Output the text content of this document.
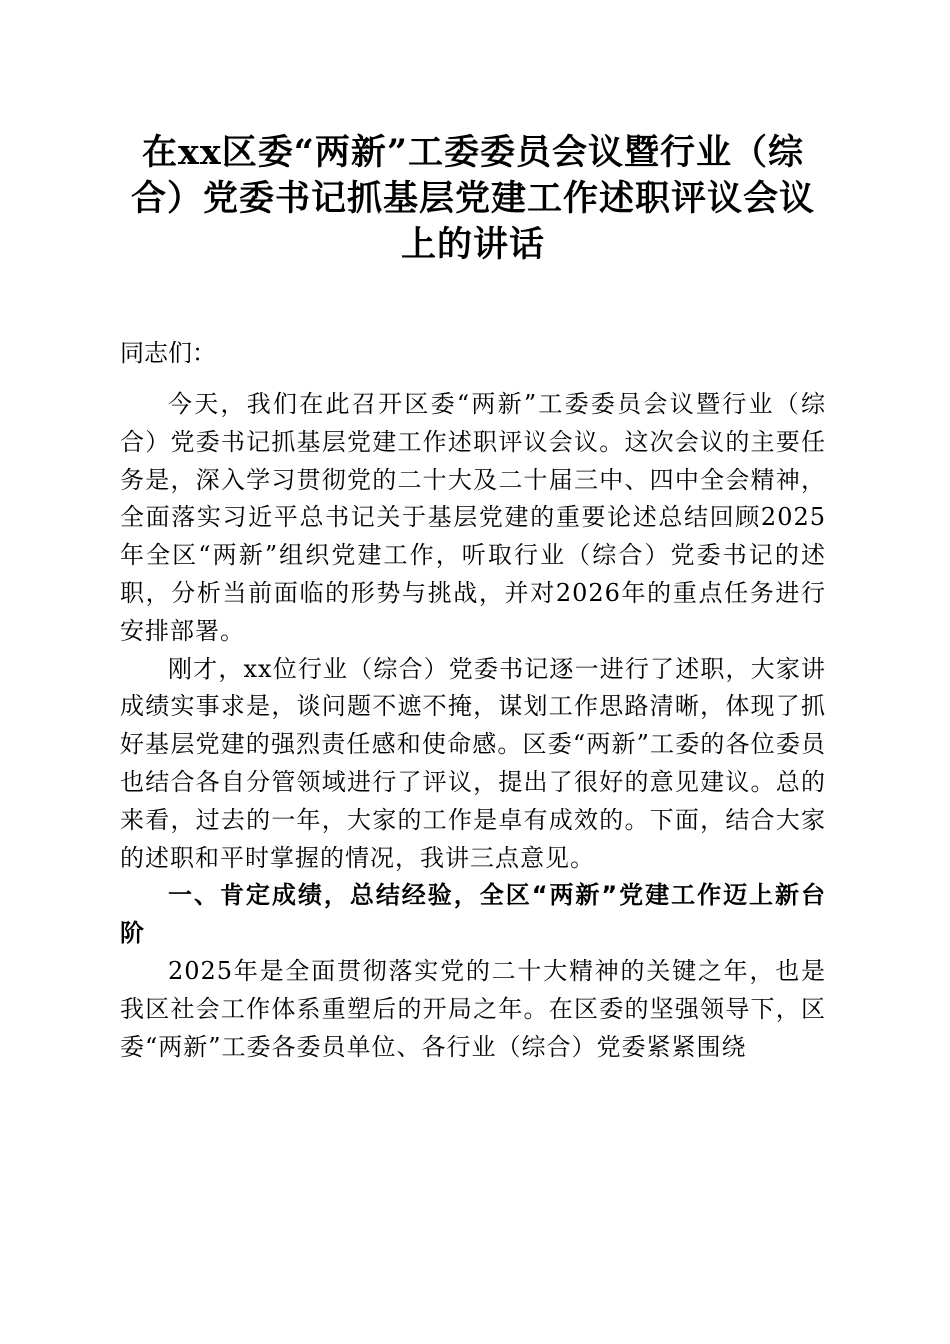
在xx区委“两新”工委委员会议暨行业（综合）党委书记抓基层党建工作述职评议会议上的讲话

同志们：

今天，我们在此召开区委“两新”工委委员会议暨行业（综合）党委书记抓基层党建工作述职评议会议。这次会议的主要任务是，深入学习贯彻党的二十大及二十届三中、四中全会精神，全面落实习近平总书记关于基层党建的重要论述总结回顾2025年全区“两新”组织党建工作，听取行业（综合）党委书记的述职，分析当前面临的形势与挑战，并对2026年的重点任务进行安排部署。

刚才，xx位行业（综合）党委书记逐一进行了述职，大家讲成绩实事求是，谈问题不遮不掩，谋划工作思路清晰，体现了抓好基层党建的强烈责任感和使命感。区委“两新”工委的各位委员也结合各自分管领域进行了评议，提出了很好的意见建议。总的来看，过去的一年，大家的工作是卓有成效的。下面，结合大家的述职和平时掌握的情况，我讲三点意见。

一、肯定成绩，总结经验，全区“两新”党建工作迈上新台阶

2025年是全面贯彻落实党的二十大精神的关键之年，也是我区社会工作体系重塑后的开局之年。在区委的坚强领导下，区委“两新”工委各委员单位、各行业（综合）党委紧紧围绕
